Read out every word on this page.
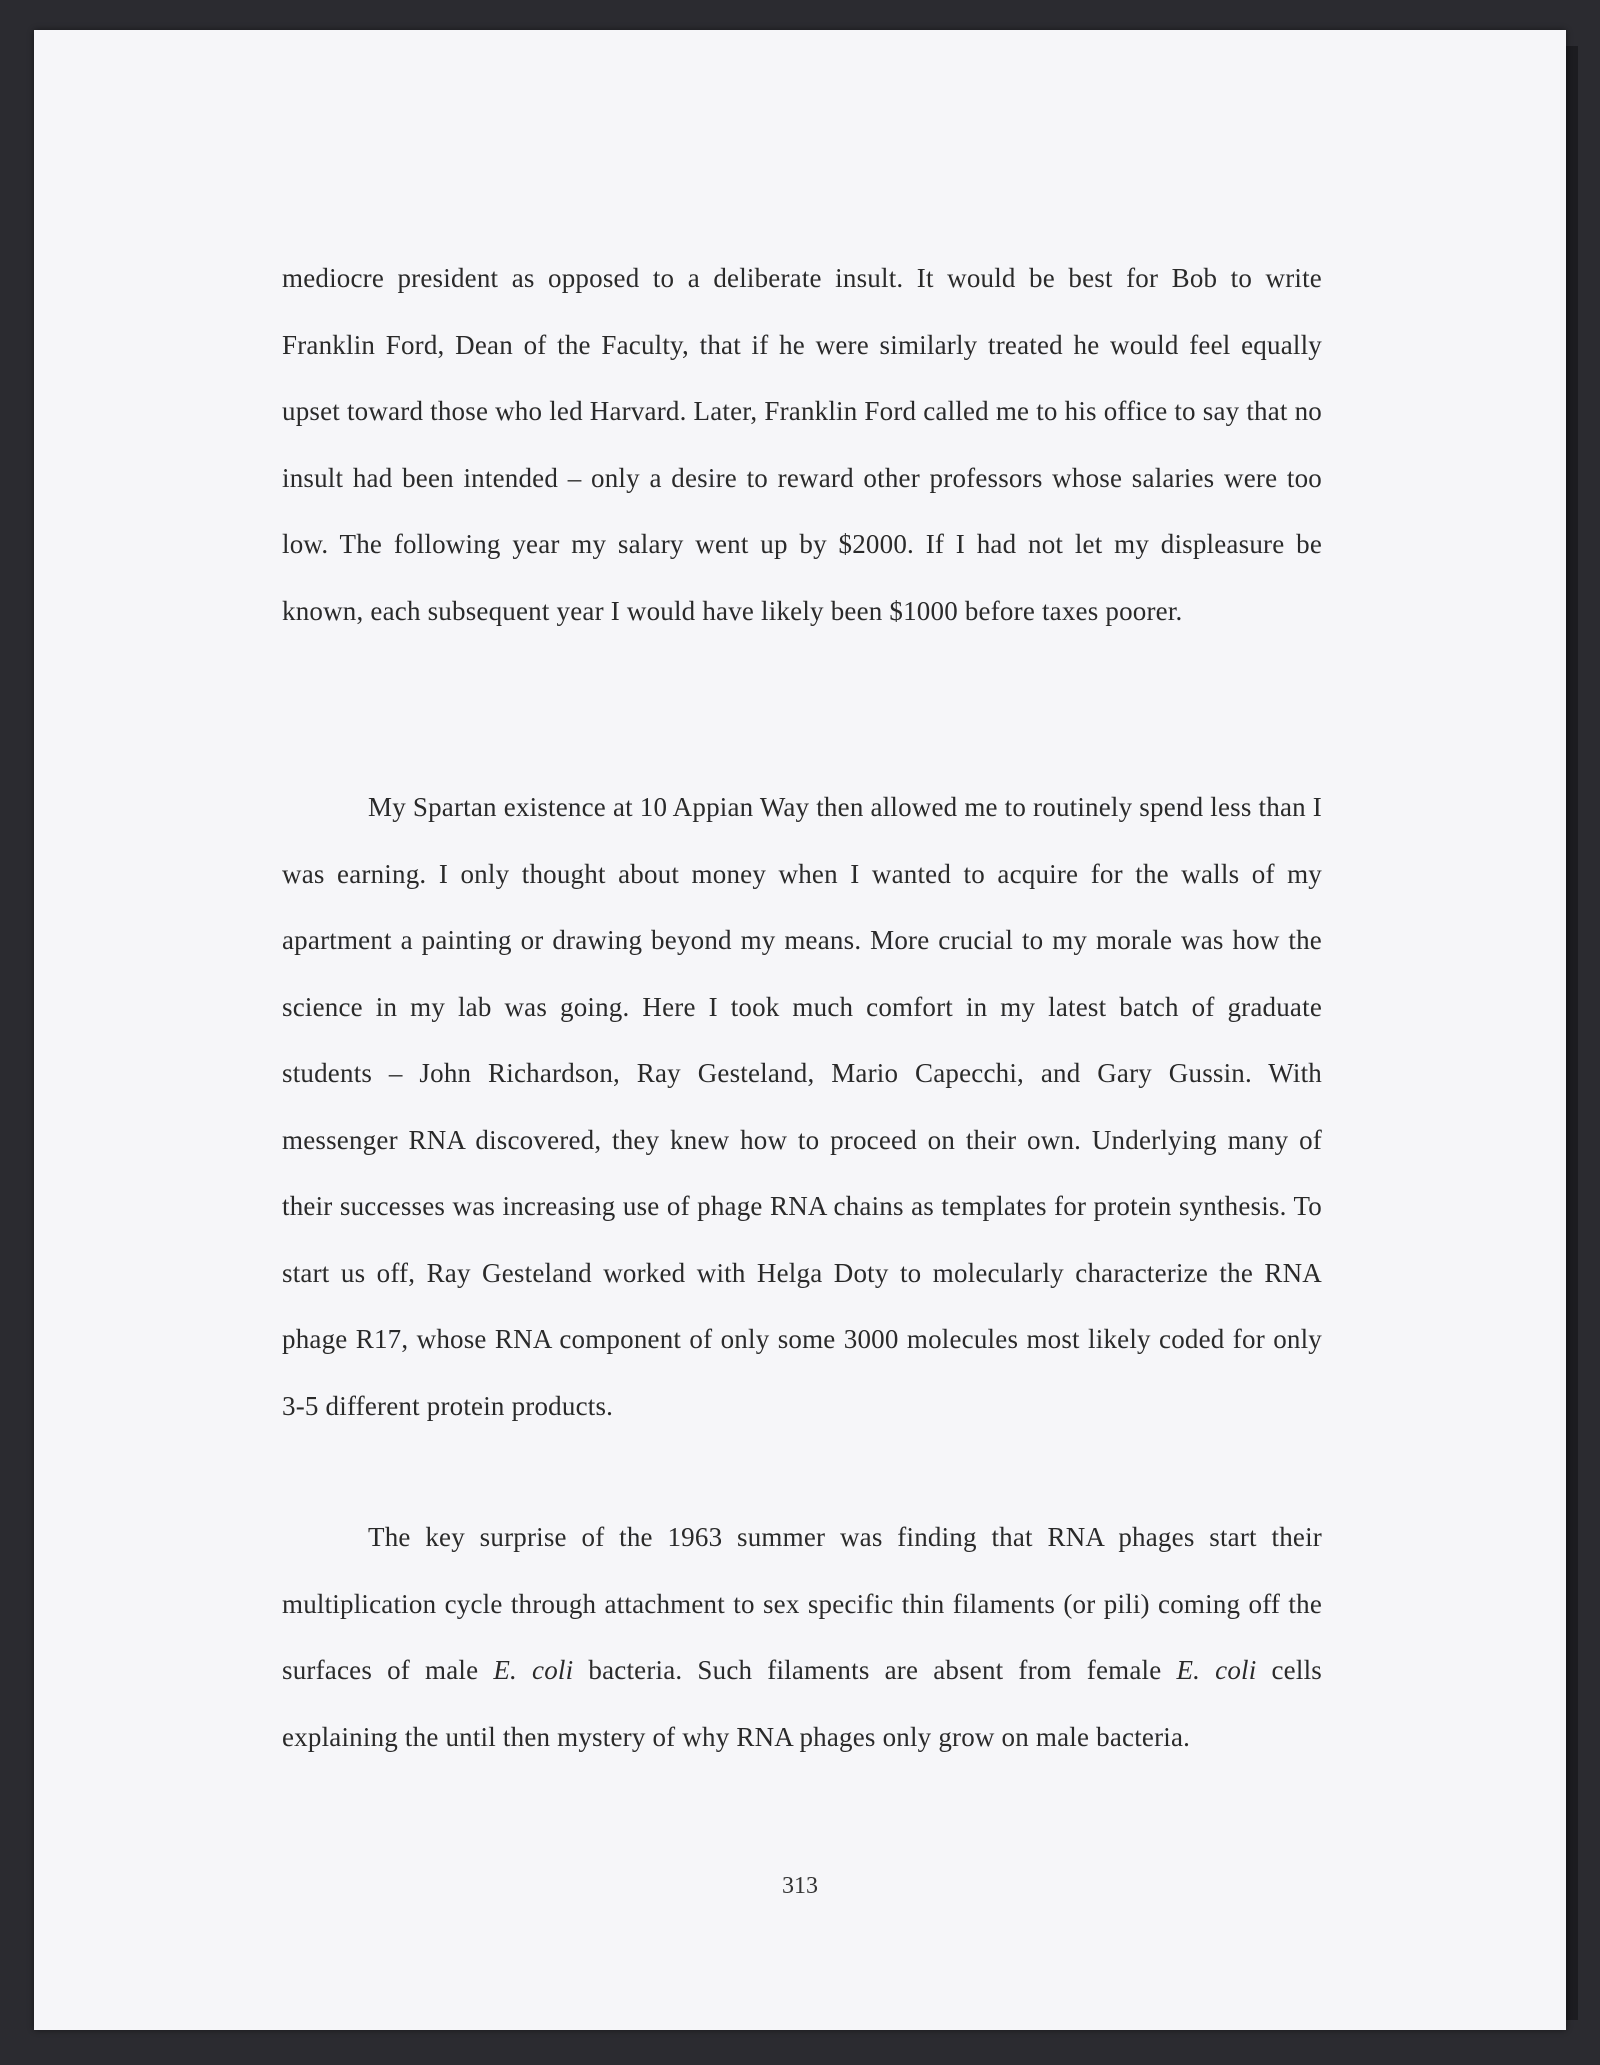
mediocre president as opposed to a deliberate insult. It would be best for Bob to write Franklin Ford, Dean of the Faculty, that if he were similarly treated he would feel equally upset toward those who led Harvard. Later, Franklin Ford called me to his office to say that no insult had been intended – only a desire to reward other professors whose salaries were too low. The following year my salary went up by $2000. If I had not let my displeasure be known, each subsequent year I would have likely been $1000 before taxes poorer.

My Spartan existence at 10 Appian Way then allowed me to routinely spend less than I was earning. I only thought about money when I wanted to acquire for the walls of my apartment a painting or drawing beyond my means. More crucial to my morale was how the science in my lab was going. Here I took much comfort in my latest batch of graduate students – John Richardson, Ray Gesteland, Mario Capecchi, and Gary Gussin. With messenger RNA discovered, they knew how to proceed on their own. Underlying many of their successes was increasing use of phage RNA chains as templates for protein synthesis. To start us off, Ray Gesteland worked with Helga Doty to molecularly characterize the RNA phage R17, whose RNA component of only some 3000 molecules most likely coded for only 3-5 different protein products.

The key surprise of the 1963 summer was finding that RNA phages start their multiplication cycle through attachment to sex specific thin filaments (or pili) coming off the surfaces of male E. coli bacteria. Such filaments are absent from female E. coli cells explaining the until then mystery of why RNA phages only grow on male bacteria.

313
